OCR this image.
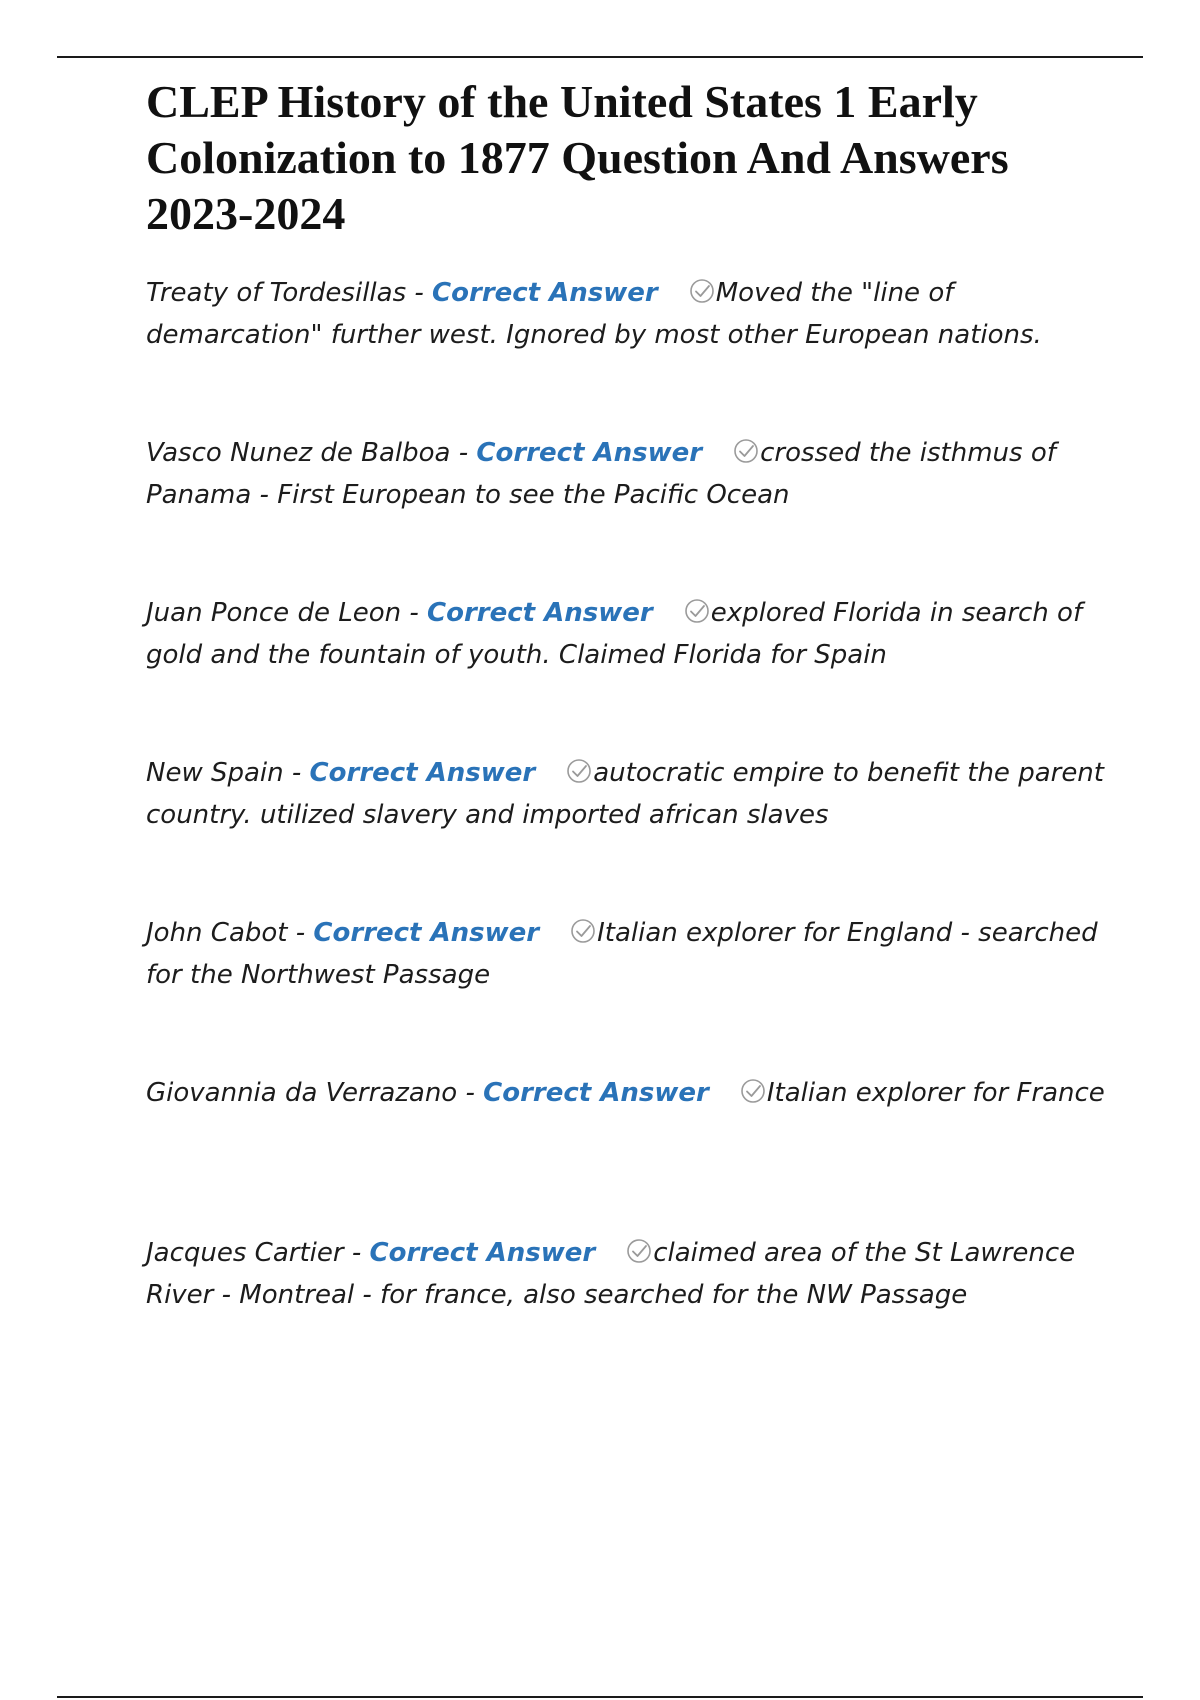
CLEP History of the United States 1 Early Colonization to 1877 Question And Answers 2023-2024
Treaty of Tordesillas - Correct Answer Moved the "line of demarcation" further west. Ignored by most other European nations.
Vasco Nunez de Balboa - Correct Answer crossed the isthmus of Panama - First European to see the Pacific Ocean
Juan Ponce de Leon - Correct Answer explored Florida in search of gold and the fountain of youth. Claimed Florida for Spain
New Spain - Correct Answer autocratic empire to benefit the parent country. utilized slavery and imported african slaves
John Cabot - Correct Answer Italian explorer for England - searched for the Northwest Passage
Giovannia da Verrazano - Correct Answer Italian explorer for France
Jacques Cartier - Correct Answer claimed area of the St Lawrence River - Montreal - for france, also searched for the NW Passage
